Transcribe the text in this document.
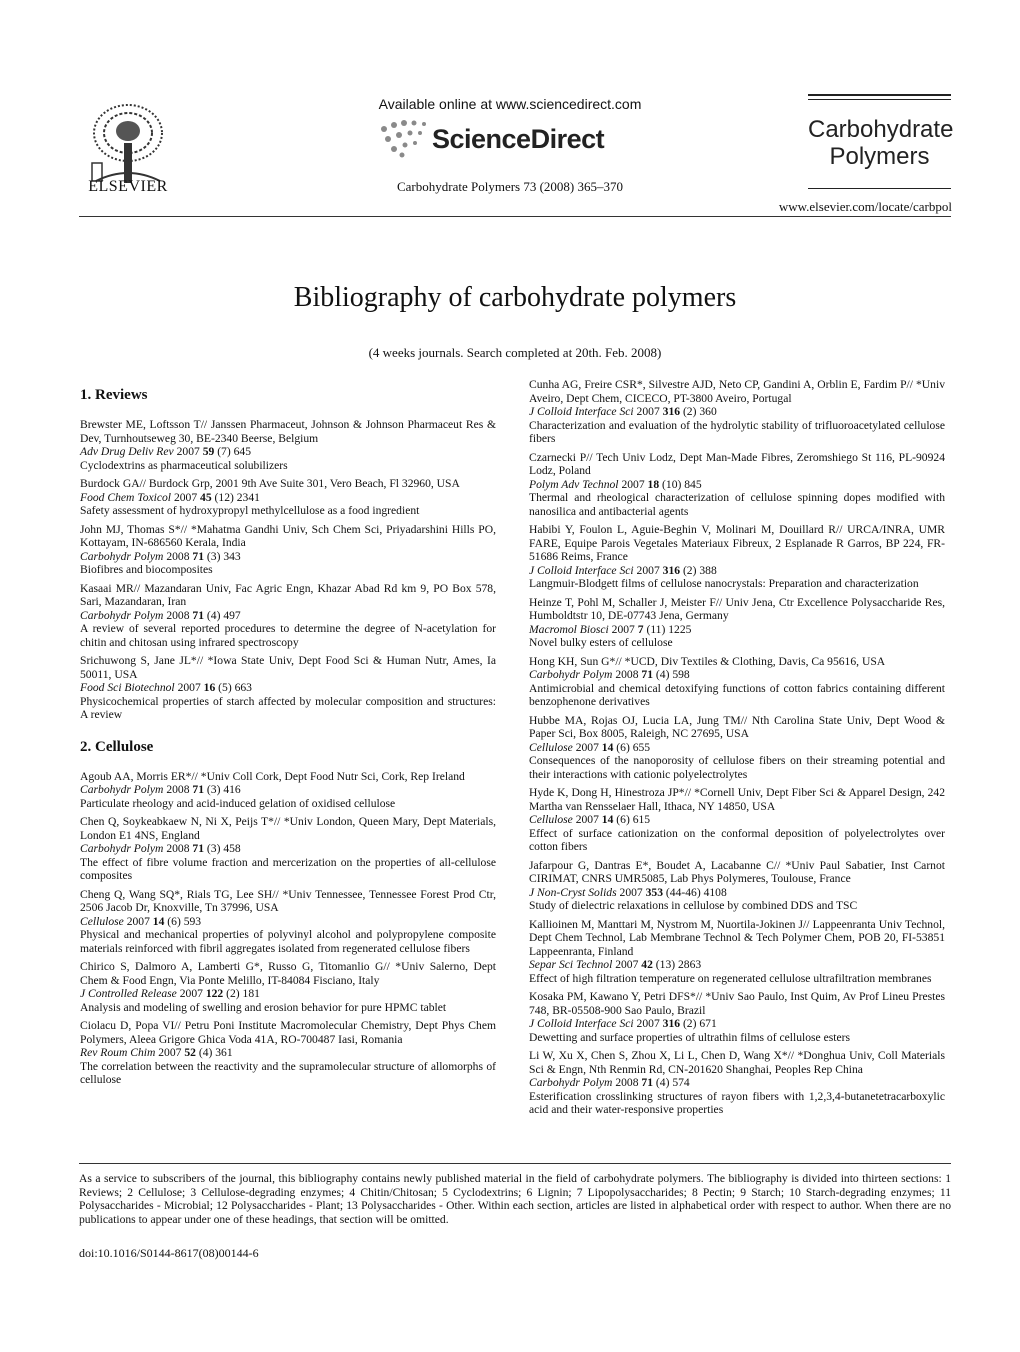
ELSEVIER
Available online at www.sciencedirect.com
ScienceDirect
Carbohydrate Polymers 73 (2008) 365–370
Carbohydrate
Polymers
www.elsevier.com/locate/carbpol
Bibliography of carbohydrate polymers
(4 weeks journals. Search completed at 20th. Feb. 2008)
1. Reviews
Brewster ME, Loftsson T// Janssen Pharmaceut, Johnson & Johnson Pharmaceut Res & Dev, Turnhoutseweg 30, BE-2340 Beerse, Belgium
Adv Drug Deliv Rev 2007 59 (7) 645
Cyclodextrins as pharmaceutical solubilizers
Burdock GA// Burdock Grp, 2001 9th Ave Suite 301, Vero Beach, Fl 32960, USA
Food Chem Toxicol 2007 45 (12) 2341
Safety assessment of hydroxypropyl methylcellulose as a food ingredient
John MJ, Thomas S*// *Mahatma Gandhi Univ, Sch Chem Sci, Priyadarshini Hills PO, Kottayam, IN-686560 Kerala, India
Carbohydr Polym 2008 71 (3) 343
Biofibres and biocomposites
Kasaai MR// Mazandaran Univ, Fac Agric Engn, Khazar Abad Rd km 9, PO Box 578, Sari, Mazandaran, Iran
Carbohydr Polym 2008 71 (4) 497
A review of several reported procedures to determine the degree of N-acetylation for chitin and chitosan using infrared spectroscopy
Srichuwong S, Jane JL*// *Iowa State Univ, Dept Food Sci & Human Nutr, Ames, Ia 50011, USA
Food Sci Biotechnol 2007 16 (5) 663
Physicochemical properties of starch affected by molecular composition and structures: A review
2. Cellulose
Agoub AA, Morris ER*// *Univ Coll Cork, Dept Food Nutr Sci, Cork, Rep Ireland
Carbohydr Polym 2008 71 (3) 416
Particulate rheology and acid-induced gelation of oxidised cellulose
Chen Q, Soykeabkaew N, Ni X, Peijs T*// *Univ London, Queen Mary, Dept Materials, London E1 4NS, England
Carbohydr Polym 2008 71 (3) 458
The effect of fibre volume fraction and mercerization on the properties of all-cellulose composites
Cheng Q, Wang SQ*, Rials TG, Lee SH// *Univ Tennessee, Tennessee Forest Prod Ctr, 2506 Jacob Dr, Knoxville, Tn 37996, USA
Cellulose 2007 14 (6) 593
Physical and mechanical properties of polyvinyl alcohol and polypropylene composite materials reinforced with fibril aggregates isolated from regenerated cellulose fibers
Chirico S, Dalmoro A, Lamberti G*, Russo G, Titomanlio G// *Univ Salerno, Dept Chem & Food Engn, Via Ponte Melillo, IT-84084 Fisciano, Italy
J Controlled Release 2007 122 (2) 181
Analysis and modeling of swelling and erosion behavior for pure HPMC tablet
Ciolacu D, Popa VI// Petru Poni Institute Macromolecular Chemistry, Dept Phys Chem Polymers, Aleea Grigore Ghica Voda 41A, RO-700487 Iasi, Romania
Rev Roum Chim 2007 52 (4) 361
The correlation between the reactivity and the supramolecular structure of allomorphs of cellulose
Cunha AG, Freire CSR*, Silvestre AJD, Neto CP, Gandini A, Orblin E, Fardim P// *Univ Aveiro, Dept Chem, CICECO, PT-3800 Aveiro, Portugal
J Colloid Interface Sci 2007 316 (2) 360
Characterization and evaluation of the hydrolytic stability of trifluoroacetylated cellulose fibers
Czarnecki P// Tech Univ Lodz, Dept Man-Made Fibres, Zeromshiego St 116, PL-90924 Lodz, Poland
Polym Adv Technol 2007 18 (10) 845
Thermal and rheological characterization of cellulose spinning dopes modified with nanosilica and antibacterial agents
Habibi Y, Foulon L, Aguie-Beghin V, Molinari M, Douillard R// URCA/INRA, UMR FARE, Equipe Parois Vegetales Materiaux Fibreux, 2 Esplanade R Garros, BP 224, FR-51686 Reims, France
J Colloid Interface Sci 2007 316 (2) 388
Langmuir-Blodgett films of cellulose nanocrystals: Preparation and characterization
Heinze T, Pohl M, Schaller J, Meister F// Univ Jena, Ctr Excellence Polysaccharide Res, Humboldtstr 10, DE-07743 Jena, Germany
Macromol Biosci 2007 7 (11) 1225
Novel bulky esters of cellulose
Hong KH, Sun G*// *UCD, Div Textiles & Clothing, Davis, Ca 95616, USA
Carbohydr Polym 2008 71 (4) 598
Antimicrobial and chemical detoxifying functions of cotton fabrics containing different benzophenone derivatives
Hubbe MA, Rojas OJ, Lucia LA, Jung TM// Nth Carolina State Univ, Dept Wood & Paper Sci, Box 8005, Raleigh, NC 27695, USA
Cellulose 2007 14 (6) 655
Consequences of the nanoporosity of cellulose fibers on their streaming potential and their interactions with cationic polyelectrolytes
Hyde K, Dong H, Hinestroza JP*// *Cornell Univ, Dept Fiber Sci & Apparel Design, 242 Martha van Rensselaer Hall, Ithaca, NY 14850, USA
Cellulose 2007 14 (6) 615
Effect of surface cationization on the conformal deposition of polyelectrolytes over cotton fibers
Jafarpour G, Dantras E*, Boudet A, Lacabanne C// *Univ Paul Sabatier, Inst Carnot CIRIMAT, CNRS UMR5085, Lab Phys Polymeres, Toulouse, France
J Non-Cryst Solids 2007 353 (44-46) 4108
Study of dielectric relaxations in cellulose by combined DDS and TSC
Kallioinen M, Manttari M, Nystrom M, Nuortila-Jokinen J// Lappeenranta Univ Technol, Dept Chem Technol, Lab Membrane Technol & Tech Polymer Chem, POB 20, FI-53851 Lappeenranta, Finland
Separ Sci Technol 2007 42 (13) 2863
Effect of high filtration temperature on regenerated cellulose ultrafiltration membranes
Kosaka PM, Kawano Y, Petri DFS*// *Univ Sao Paulo, Inst Quim, Av Prof Lineu Prestes 748, BR-05508-900 Sao Paulo, Brazil
J Colloid Interface Sci 2007 316 (2) 671
Dewetting and surface properties of ultrathin films of cellulose esters
Li W, Xu X, Chen S, Zhou X, Li L, Chen D, Wang X*// *Donghua Univ, Coll Materials Sci & Engn, Nth Renmin Rd, CN-201620 Shanghai, Peoples Rep China
Carbohydr Polym 2008 71 (4) 574
Esterification crosslinking structures of rayon fibers with 1,2,3,4-butanetetracarboxylic acid and their water-responsive properties
As a service to subscribers of the journal, this bibliography contains newly published material in the field of carbohydrate polymers. The bibliography is divided into thirteen sections: 1 Reviews; 2 Cellulose; 3 Cellulose-degrading enzymes; 4 Chitin/Chitosan; 5 Cyclodextrins; 6 Lignin; 7 Lipopolysaccharides; 8 Pectin; 9 Starch; 10 Starch-degrading enzymes; 11 Polysaccharides - Microbial; 12 Polysaccharides - Plant; 13 Polysaccharides - Other. Within each section, articles are listed in alphabetical order with respect to author. When there are no publications to appear under one of these headings, that section will be omitted.
doi:10.1016/S0144-8617(08)00144-6
